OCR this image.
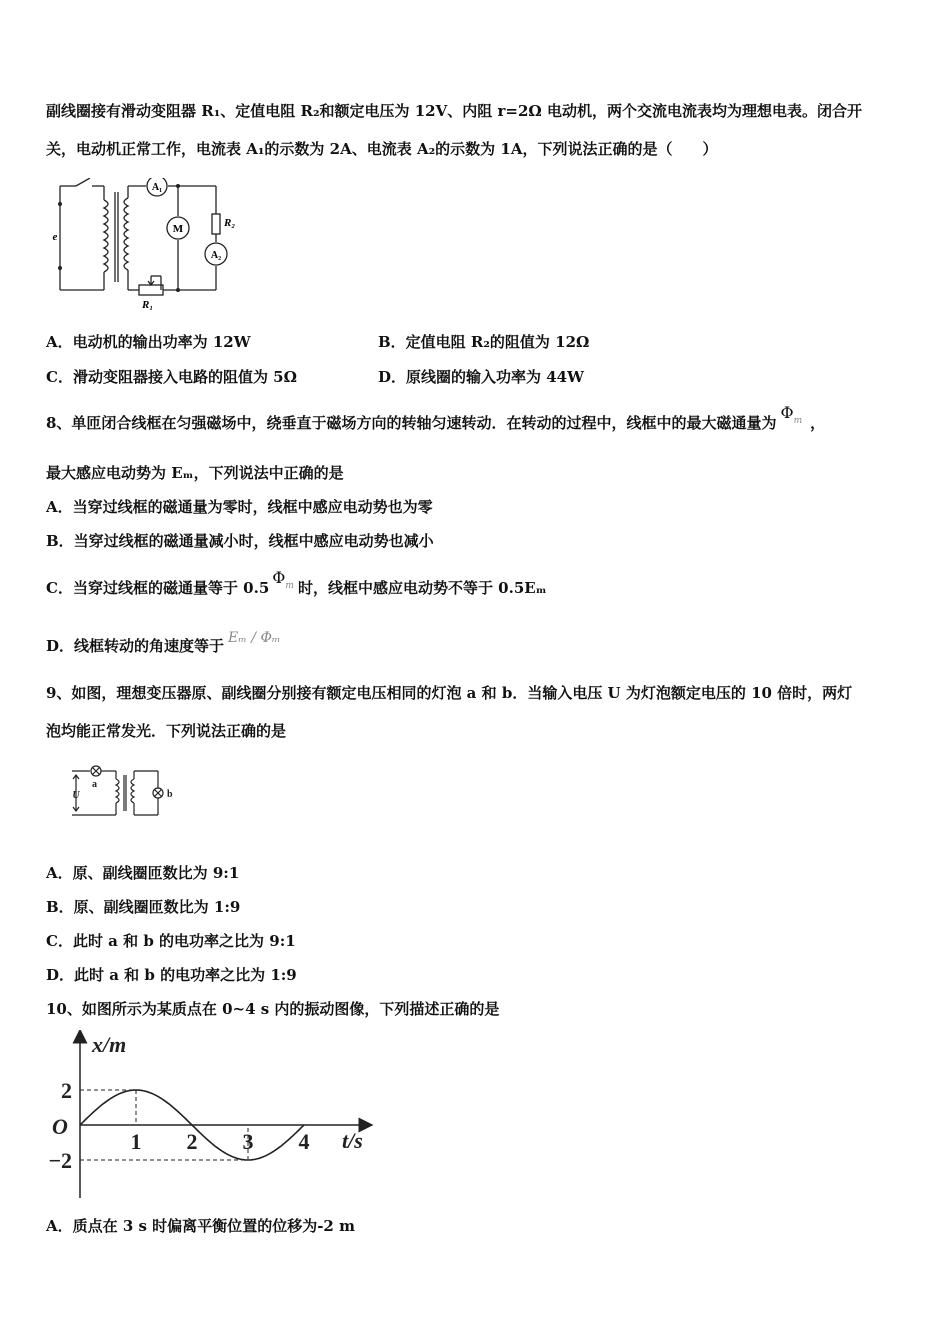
副线圈接有滑动变阻器 R₁、定值电阻 R₂和额定电压为 12V、内阻 r=2Ω 电动机，两个交流电流表均为理想电表。闭合开
关，电动机正常工作，电流表 A₁的示数为 2A、电流表 A₂的示数为 1A，下列说法正确的是（　　）
e
A₁
M	R₂
A₂
R₁
A．电动机的输出功率为 12W	B．定值电阻 R₂的阻值为 12Ω
C．滑动变阻器接入电路的阻值为 5Ω	D．原线圈的输入功率为 44W
8、单匝闭合线框在匀强磁场中，绕垂直于磁场方向的转轴匀速转动．在转动的过程中，线框中的最大磁通量为$\Phi^m$ ，
最大感应电动势为 Eₘ，下列说法中正确的是
A．当穿过线框的磁通量为零时，线框中感应电动势也为零
B．当穿过线框的磁通量减小时，线框中感应电动势也减小
C．当穿过线框的磁通量等于 $0.5\Phi^m$ 时，线框中感应电动势不等于 0.5Eₘ
D．线框转动的角速度等于 Eₘ / Φₘ
9、如图，理想变压器原、副线圈分别接有额定电压相同的灯泡 a 和 b．当输入电压 U 为灯泡额定电压的 10 倍时，两灯
泡均能正常发光．下列说法正确的是
U
a
b
A．原、副线圈匝数比为 9:1
B．原、副线圈匝数比为 1:9
C．此时 a 和 b 的电功率之比为 9:1
D．此时 a 和 b 的电功率之比为 1:9
10、如图所示为某质点在 0~4 s 内的振动图像，下列描述正确的是
1 2 3 4
2
−2
x/m
t/s
O
A．质点在 3 s 时偏离平衡位置的位移为-2 m
